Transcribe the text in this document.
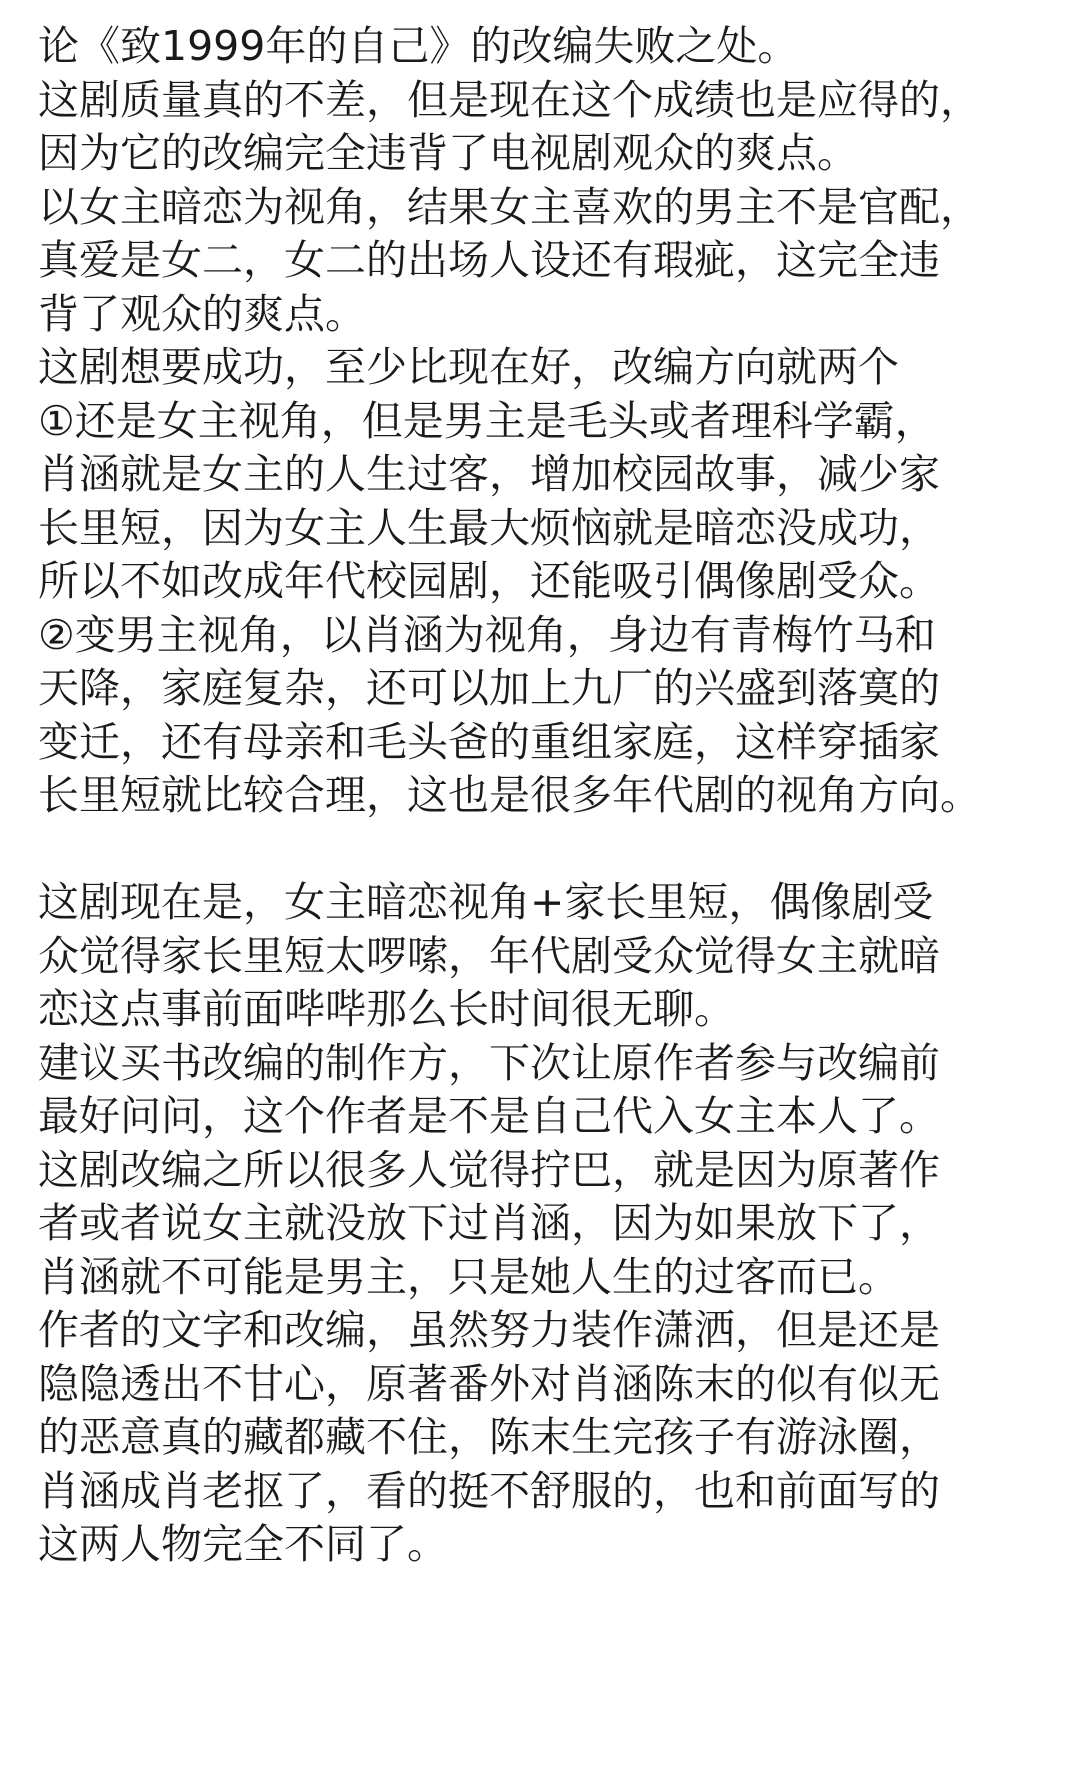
论《致1999年的自己》的改编失败之处。
这剧质量真的不差，但是现在这个成绩也是应得的，
因为它的改编完全违背了电视剧观众的爽点。
以女主暗恋为视角，结果女主喜欢的男主不是官配，
真爱是女二，女二的出场人设还有瑕疵，这完全违
背了观众的爽点。
这剧想要成功，至少比现在好，改编方向就两个
①还是女主视角，但是男主是毛头或者理科学霸，
肖涵就是女主的人生过客，增加校园故事，减少家
长里短，因为女主人生最大烦恼就是暗恋没成功，
所以不如改成年代校园剧，还能吸引偶像剧受众。
②变男主视角，以肖涵为视角，身边有青梅竹马和
天降，家庭复杂，还可以加上九厂的兴盛到落寞的
变迁，还有母亲和毛头爸的重组家庭，这样穿插家
长里短就比较合理，这也是很多年代剧的视角方向。
这剧现在是，女主暗恋视角+家长里短，偶像剧受
众觉得家长里短太啰嗦，年代剧受众觉得女主就暗
恋这点事前面哔哔那么长时间很无聊。
建议买书改编的制作方，下次让原作者参与改编前
最好问问，这个作者是不是自己代入女主本人了。
这剧改编之所以很多人觉得拧巴，就是因为原著作
者或者说女主就没放下过肖涵，因为如果放下了，
肖涵就不可能是男主，只是她人生的过客而已。
作者的文字和改编，虽然努力装作潇洒，但是还是
隐隐透出不甘心，原著番外对肖涵陈末的似有似无
的恶意真的藏都藏不住，陈末生完孩子有游泳圈，
肖涵成肖老抠了，看的挺不舒服的，也和前面写的
这两人物完全不同了。
